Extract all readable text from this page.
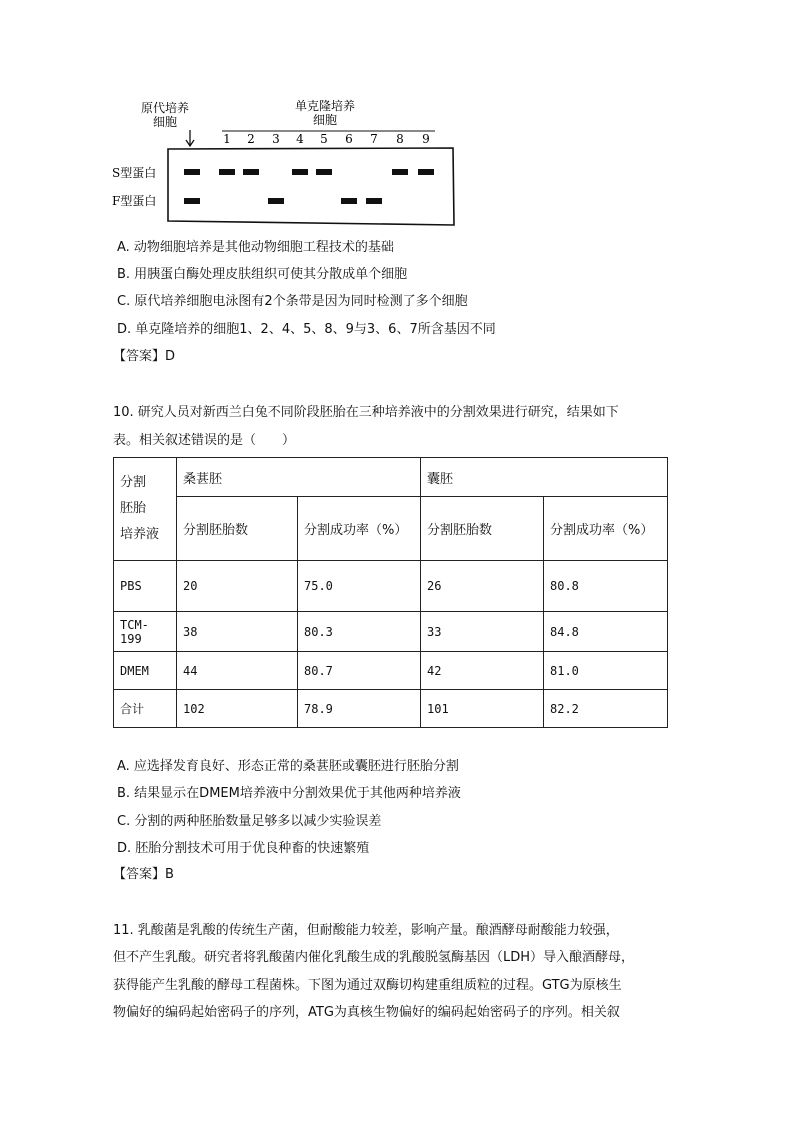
原代培养
细胞
单克隆培养
细胞
1 2 3 4 5 6 7 8 9
S型蛋白
F型蛋白
A. 动物细胞培养是其他动物细胞工程技术的基础
B. 用胰蛋白酶处理皮肤组织可使其分散成单个细胞
C. 原代培养细胞电泳图有2个条带是因为同时检测了多个细胞
D. 单克隆培养的细胞1、2、4、5、8、9与3、6、7所含基因不同
【答案】D
10. 研究人员对新西兰白兔不同阶段胚胎在三种培养液中的分割效果进行研究，结果如下
表。相关叙述错误的是（　　）
分割
胚胎
培养液	桑葚胚		囊胚	
	分割胚胎数	分割成功率（%）	分割胚胎数	分割成功率（%）
PBS	20	75.0	26	80.8
TCM-199	38	80.3	33	84.8
DMEM	44	80.7	42	81.0
合计	102	78.9	101	82.2
A. 应选择发育良好、形态正常的桑葚胚或囊胚进行胚胎分割
B. 结果显示在DMEM培养液中分割效果优于其他两种培养液
C. 分割的两种胚胎数量足够多以减少实验误差
D. 胚胎分割技术可用于优良种畜的快速繁殖
【答案】B
11. 乳酸菌是乳酸的传统生产菌，但耐酸能力较差，影响产量。酿酒酵母耐酸能力较强，
但不产生乳酸。研究者将乳酸菌内催化乳酸生成的乳酸脱氢酶基因（LDH）导入酿酒酵母，
获得能产生乳酸的酵母工程菌株。下图为通过双酶切构建重组质粒的过程。GTG为原核生
物偏好的编码起始密码子的序列，ATG为真核生物偏好的编码起始密码子的序列。相关叙
